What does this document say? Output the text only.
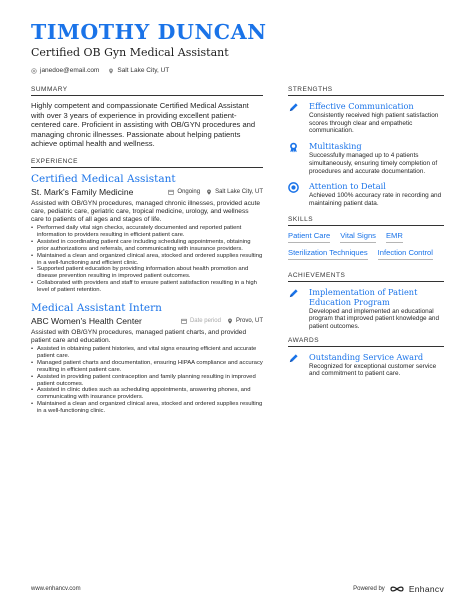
TIMOTHY DUNCAN
Certified OB Gyn Medical Assistant
janedoe@email.com	Salt Lake City, UT
SUMMARY
Highly competent and compassionate Certified Medical Assistant with over 3 years of experience in providing excellent patient-centered care. Proficient in assisting with OB/GYN procedures and managing chronic illnesses. Passionate about helping patients achieve optimal health and wellness.
EXPERIENCE
Certified Medical Assistant
St. Mark's Family Medicine	Ongoing	Salt Lake City, UT
Assisted with OB/GYN procedures, managed chronic illnesses, provided acute care, pediatric care, geriatric care, tropical medicine, urology, and wellness care to patients of all ages and stages of life.
• Performed daily vital sign checks, accurately documented and reported patient information to providers resulting in efficient patient care.
• Assisted in coordinating patient care including scheduling appointments, obtaining prior authorizations and referrals, and communicating with insurance providers.
• Maintained a clean and organized clinical area, stocked and ordered supplies resulting in a well-functioning and efficient clinic.
• Supported patient education by providing information about health promotion and disease prevention resulting in improved patient outcomes.
• Collaborated with providers and staff to ensure patient satisfaction resulting in a high level of patient retention.
Medical Assistant Intern
ABC Women's Health Center	Date period	Provo, UT
Assisted with OB/GYN procedures, managed patient charts, and provided patient care and education.
• Assisted in obtaining patient histories, and vital signs ensuring efficient and accurate patient care.
• Managed patient charts and documentation, ensuring HIPAA compliance and accuracy resulting in efficient patient care.
• Assisted in providing patient contraception and family planning resulting in improved patient outcomes.
• Assisted in clinic duties such as scheduling appointments, answering phones, and communicating with insurance providers.
• Maintained a clean and organized clinical area, stocked and ordered supplies resulting in a well-functioning clinic.
STRENGTHS
Effective Communication
Consistently received high patient satisfaction scores through clear and empathetic communication.
Multitasking
Successfully managed up to 4 patients simultaneously, ensuring timely completion of procedures and accurate documentation.
Attention to Detail
Achieved 100% accuracy rate in recording and maintaining patient data.
SKILLS
Patient Care Vital Signs EMR
Sterilization Techniques Infection Control
ACHIEVEMENTS
Implementation of Patient Education Program
Developed and implemented an educational program that improved patient knowledge and patient outcomes.
AWARDS
Outstanding Service Award
Recognized for exceptional customer service and commitment to patient care.
www.enhancv.com	Powered by	Enhancv
